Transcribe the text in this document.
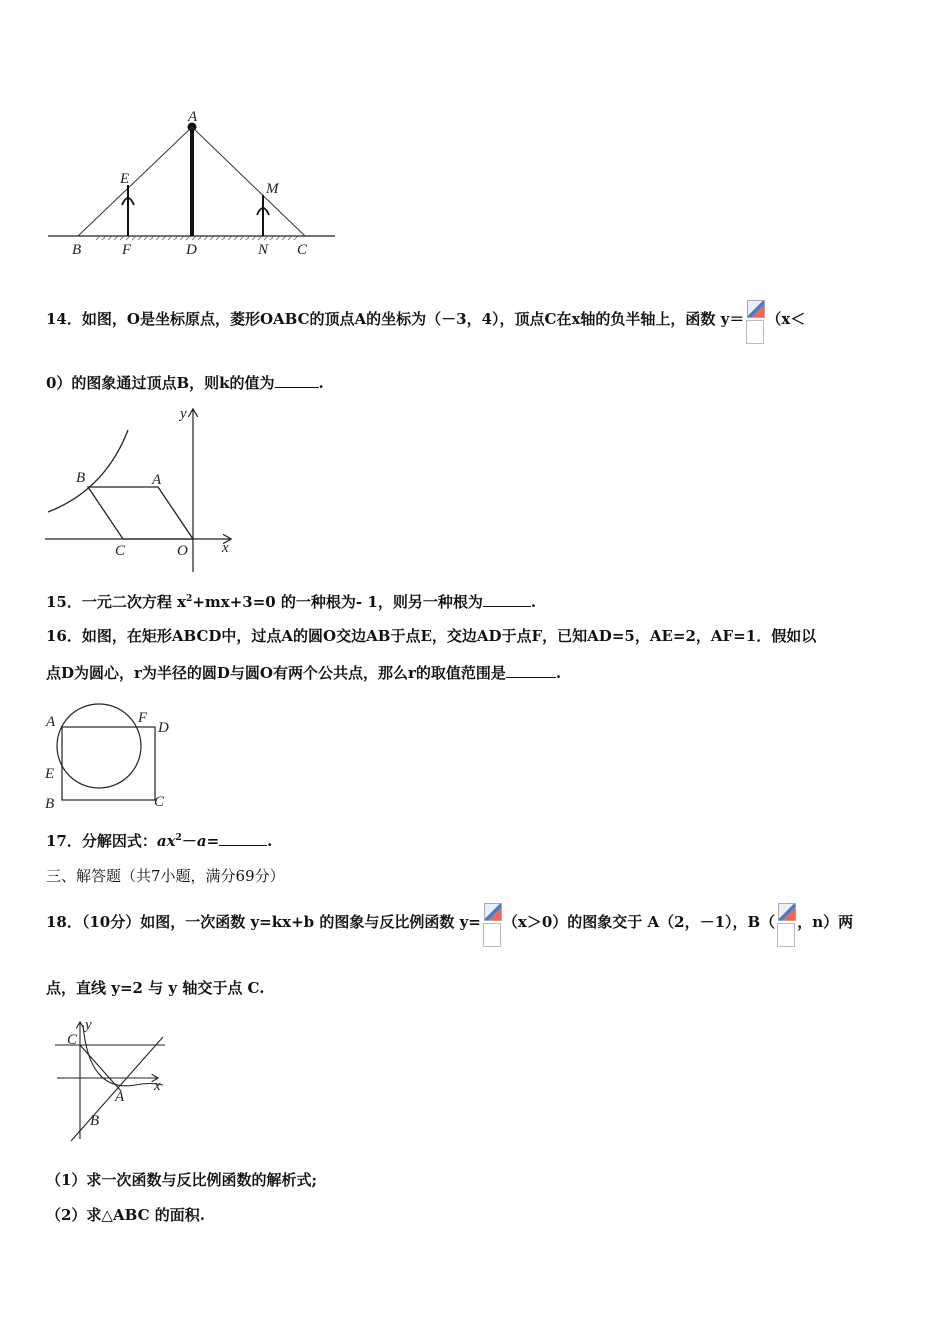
A
E
M
B	F	D	N C
14．如图，O是坐标原点，菱形OABC的顶点A的坐标为（－3，4），顶点C在x轴的负半轴上，函数 y＝ （x＜
0）的图象通过顶点B，则k的值为	.
y
B	A
C	O x
15．一元二次方程 $x^2+mx+3=0$ 的一种根为- 1，则另一种根为	.
16．如图，在矩形ABCD中，过点A的圆O交边AB于点E，交边AD于点F，已知AD=5，AE=2，AF=1．假如以
点D为圆心，r为半径的圆D与圆O有两个公共点，那么r的取值范围是	.
A	F
D
E
B	C
17．分解因式：$ax^2-a=$	.
三、解答题（共7小题，满分69分）
18．（10分）如图，一次函数 y=kx+b 的图象与反比例函数 y= （x＞0）的图象交于 A（2，－1），B（ ，n）两
点，直线 y=2 与 y 轴交于点 C.
C
y
x
A
B
（1）求一次函数与反比例函数的解析式;
（2）求△ABC 的面积.
